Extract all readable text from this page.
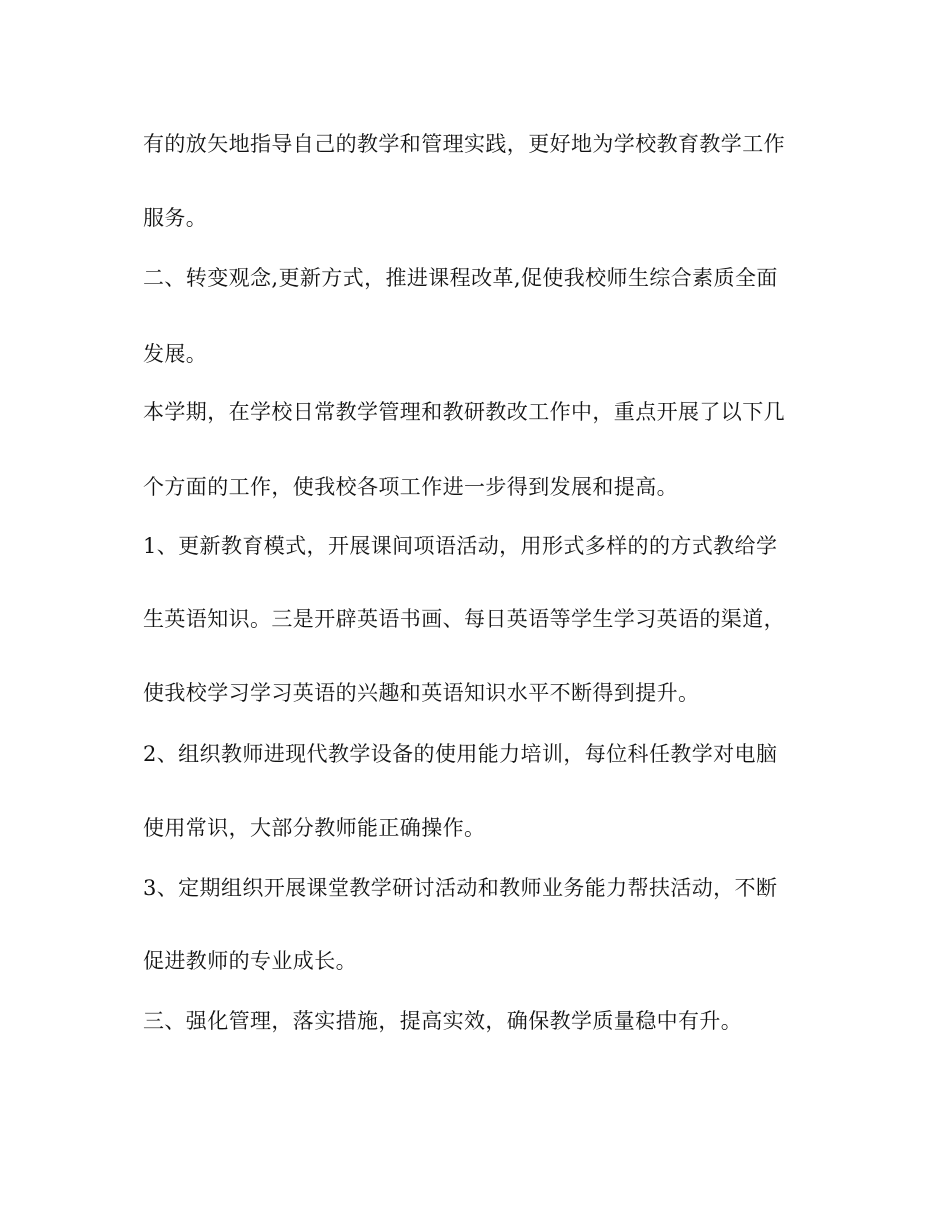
有的放矢地指导自己的教学和管理实践，更好地为学校教育教学工作
服务。
二、转变观念,更新方式，推进课程改革,促使我校师生综合素质全面
发展。
本学期，在学校日常教学管理和教研教改工作中，重点开展了以下几
个方面的工作，使我校各项工作进一步得到发展和提高。
1、更新教育模式，开展课间项语活动，用形式多样的的方式教给学
生英语知识。三是开辟英语书画、每日英语等学生学习英语的渠道，
使我校学习学习英语的兴趣和英语知识水平不断得到提升。
2、组织教师进现代教学设备的使用能力培训，每位科任教学对电脑
使用常识，大部分教师能正确操作。
3、定期组织开展课堂教学研讨活动和教师业务能力帮扶活动，不断
促进教师的专业成长。
三、强化管理，落实措施，提高实效，确保教学质量稳中有升。
